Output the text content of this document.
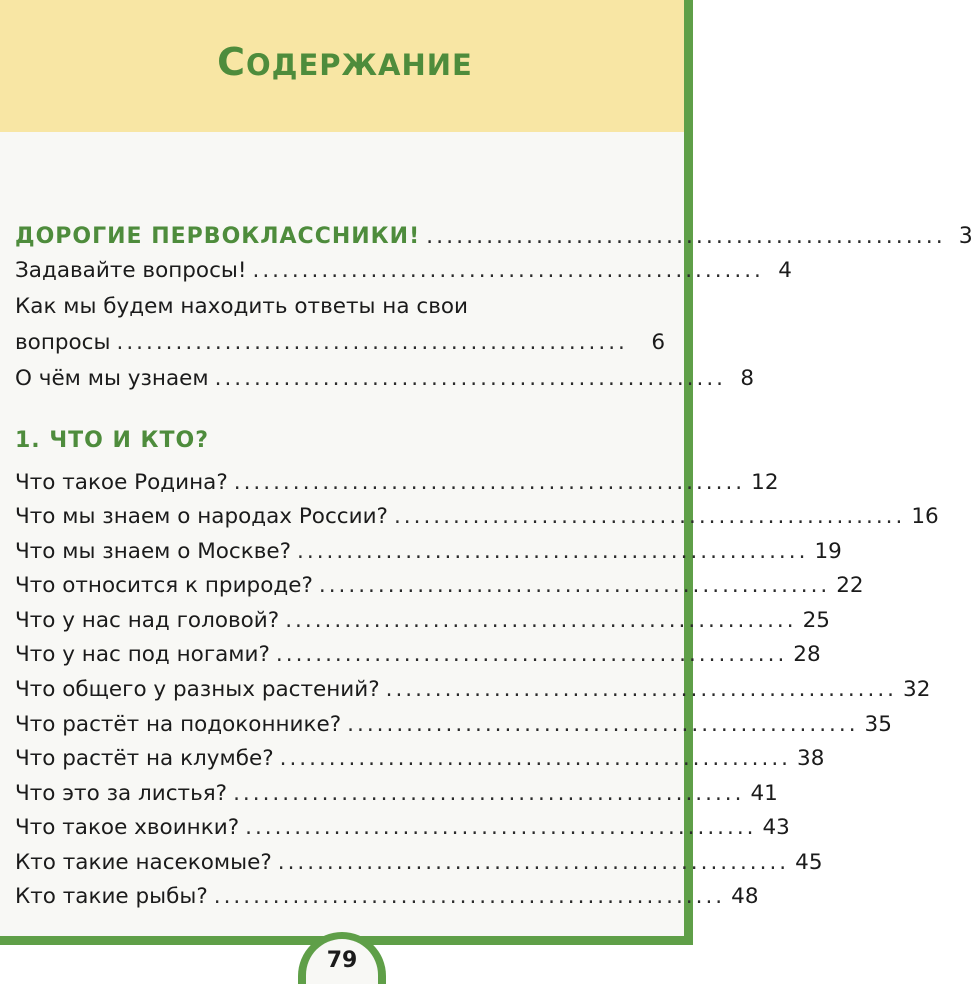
СОДЕРЖАНИЕ
ДОРОГИЕ ПЕРВОКЛАССНИКИ! .................................................... 3
Задавайте вопросы! .................................................... 4
Как мы будем находить ответы на свои
вопросы ....................................................	6
О чём мы узнаем .................................................... 8
1. ЧТО И КТО?
Что такое Родина? .................................................... 12
Что мы знаем о народах России? .................................................... 16
Что мы знаем о Москве? .................................................... 19
Что относится к природе? .................................................... 22
Что у нас над головой? .................................................... 25
Что у нас под ногами? .................................................... 28
Что общего у разных растений? .................................................... 32
Что растёт на подоконнике? .................................................... 35
Что растёт на клумбе? .................................................... 38
Что это за листья? .................................................... 41
Что такое хвоинки? .................................................... 43
Кто такие насекомые? .................................................... 45
Кто такие рыбы? .................................................... 48
79
